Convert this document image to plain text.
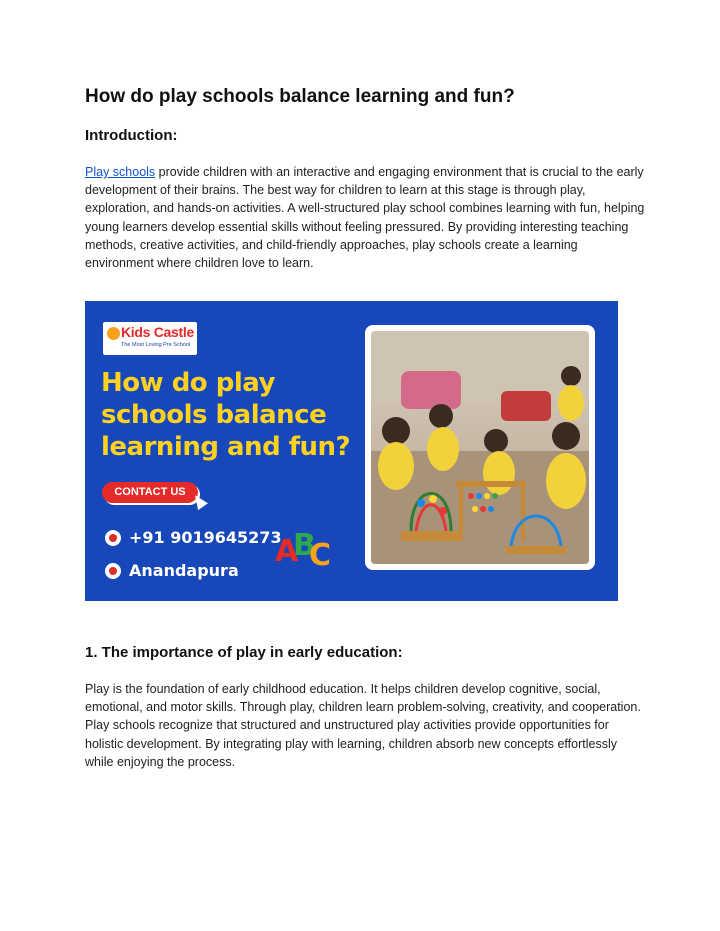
How do play schools balance learning and fun?
Introduction:

Play schools provide children with an interactive and engaging environment that is crucial to the early development of their brains. The best way for children to learn at this stage is through play, exploration, and hands-on activities. A well-structured play school combines learning with fun, helping young learners develop essential skills without feeling pressured. By providing interesting teaching methods, creative activities, and child-friendly approaches, play schools create a learning environment where children love to learn.

Kids Castle
The Most Loving Pre School
How do play
schools balance
learning and fun?
CONTACT US
+91 9019645273
Anandapura
A
B
C
1. The importance of play in early education:

Play is the foundation of early childhood education. It helps children develop cognitive, social, emotional, and motor skills. Through play, children learn problem-solving, creativity, and cooperation. Play schools recognize that structured and unstructured play activities provide opportunities for holistic development. By integrating play with learning, children absorb new concepts effortlessly while enjoying the process.
